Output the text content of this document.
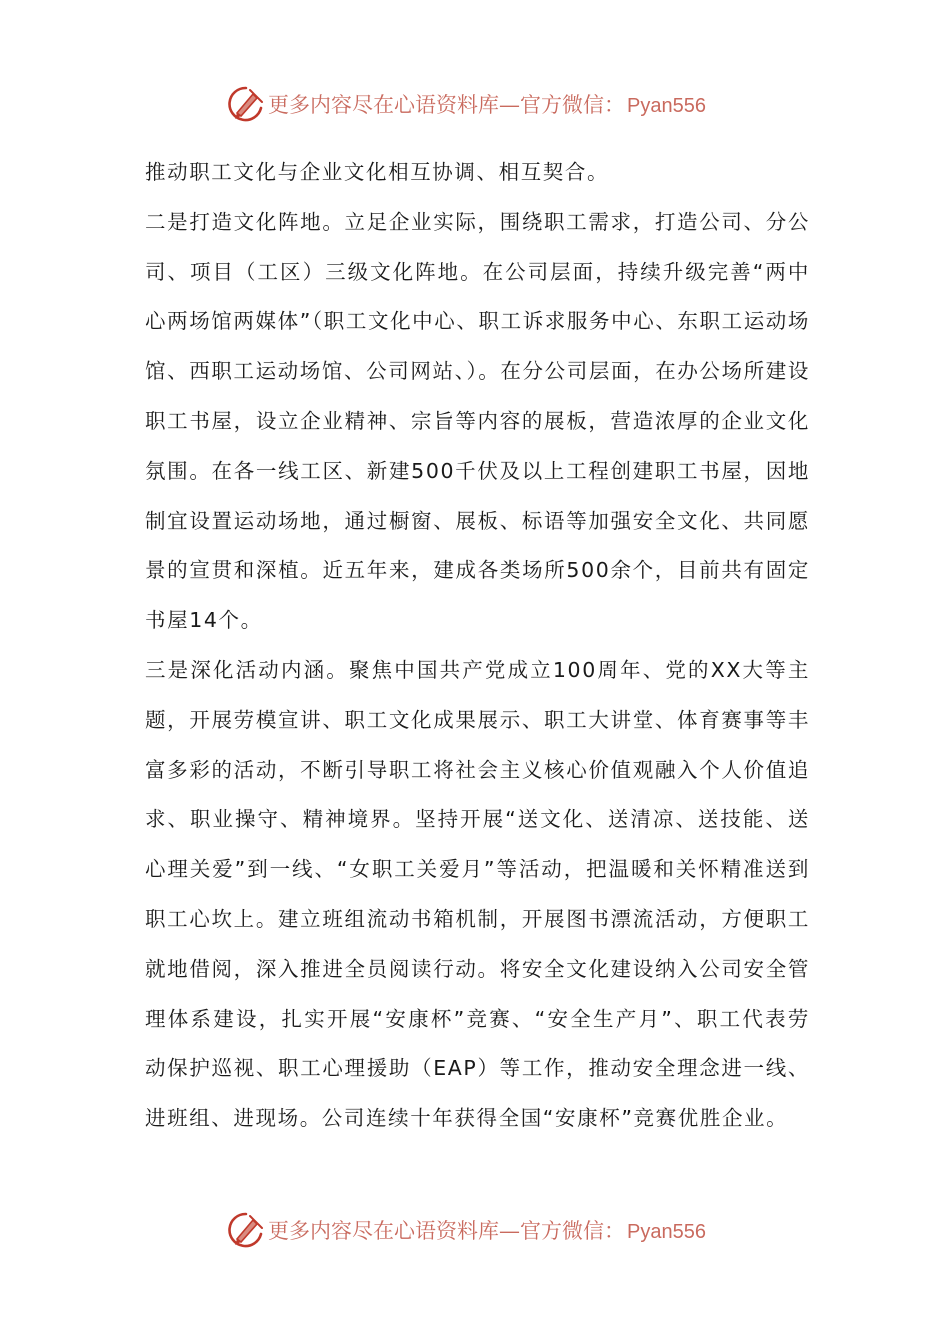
更多内容尽在心语资料库—官方微信： Pyan556

推动职工文化与企业文化相互协调、相互契合。

二是打造文化阵地。立足企业实际，围绕职工需求，打造公司、分公司、项目（工区）三级文化阵地。在公司层面，持续升级完善“两中心两场馆两媒体”（职工文化中心、职工诉求服务中心、东职工运动场馆、西职工运动场馆、公司网站、）。在分公司层面，在办公场所建设职工书屋，设立企业精神、宗旨等内容的展板，营造浓厚的企业文化氛围。在各一线工区、新建500千伏及以上工程创建职工书屋，因地制宜设置运动场地，通过橱窗、展板、标语等加强安全文化、共同愿景的宣贯和深植。近五年来，建成各类场所500余个，目前共有固定书屋14个。

三是深化活动内涵。聚焦中国共产党成立100周年、党的XX大等主题，开展劳模宣讲、职工文化成果展示、职工大讲堂、体育赛事等丰富多彩的活动，不断引导职工将社会主义核心价值观融入个人价值追求、职业操守、精神境界。坚持开展“送文化、送清凉、送技能、送心理关爱”到一线、“女职工关爱月”等活动，把温暖和关怀精准送到职工心坎上。建立班组流动书箱机制，开展图书漂流活动，方便职工就地借阅，深入推进全员阅读行动。将安全文化建设纳入公司安全管理体系建设，扎实开展“安康杯”竞赛、“安全生产月”、职工代表劳动保护巡视、职工心理援助（EAP）等工作，推动安全理念进一线、进班组、进现场。公司连续十年获得全国“安康杯”竞赛优胜企业。

更多内容尽在心语资料库—官方微信： Pyan556
